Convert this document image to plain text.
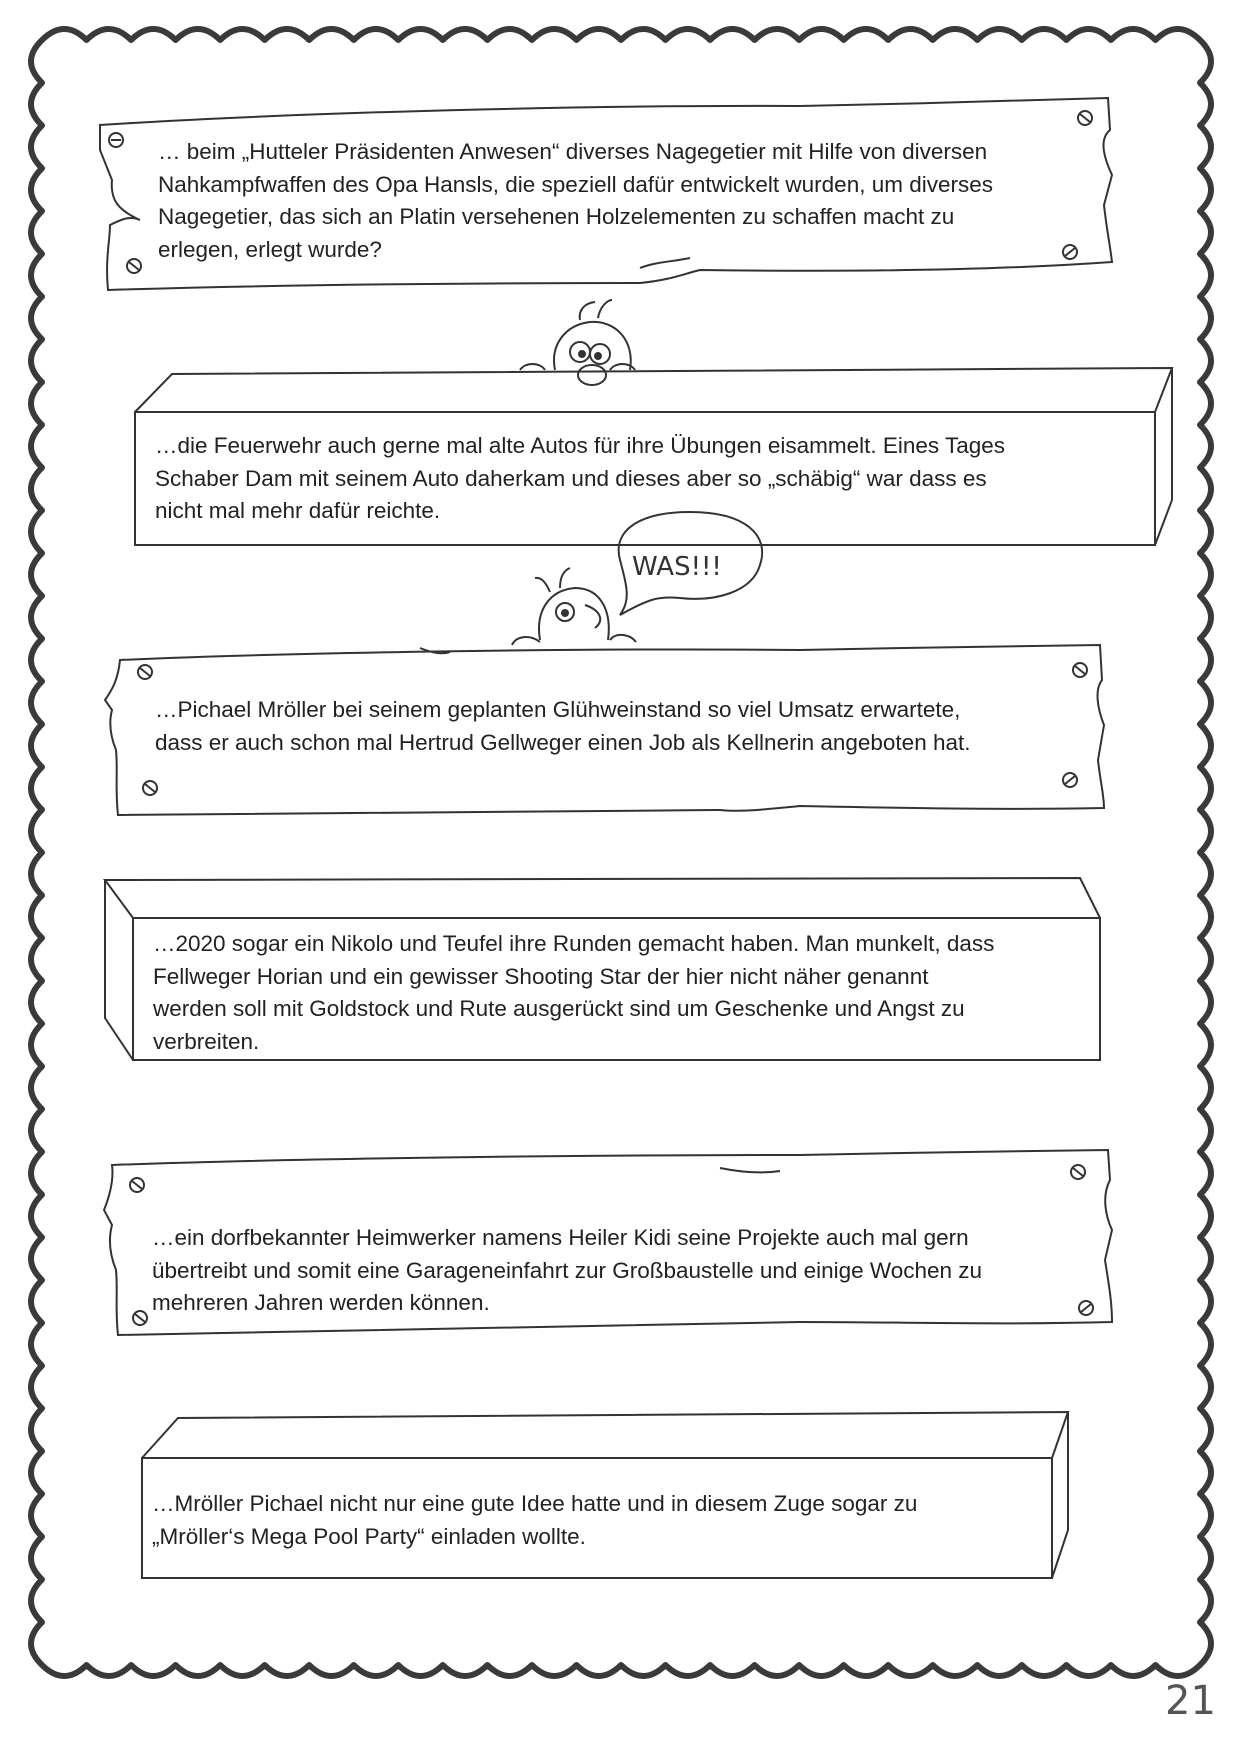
WAS!!!
… beim „Hutteler Präsidenten Anwesen“ diverses Nagegetier mit Hilfe von diversen
Nahkampfwaffen des Opa Hansls, die speziell dafür entwickelt wurden, um diverses
Nagegetier, das sich an Platin versehenen Holzelementen zu schaffen macht zu
erlegen, erlegt wurde?
…die Feuerwehr auch gerne mal alte Autos für ihre Übungen eisammelt. Eines Tages
Schaber Dam mit seinem Auto daherkam und dieses aber so „schäbig“ war dass es
nicht mal mehr dafür reichte.
…Pichael Mröller bei seinem geplanten Glühweinstand so viel Umsatz erwartete,
dass er auch schon mal Hertrud Gellweger einen Job als Kellnerin angeboten hat.
…2020 sogar ein Nikolo und Teufel ihre Runden gemacht haben. Man munkelt, dass
Fellweger Horian und ein gewisser Shooting Star der hier nicht näher genannt
werden soll mit Goldstock und Rute ausgerückt sind um Geschenke und Angst zu
verbreiten.
…ein dorfbekannter Heimwerker namens Heiler Kidi seine Projekte auch mal gern
übertreibt und somit eine Garageneinfahrt zur Großbaustelle und einige Wochen zu
mehreren Jahren werden können.
…Mröller Pichael nicht nur eine gute Idee hatte und in diesem Zuge sogar zu
„Mröller‘s Mega Pool Party“ einladen wollte.
21
